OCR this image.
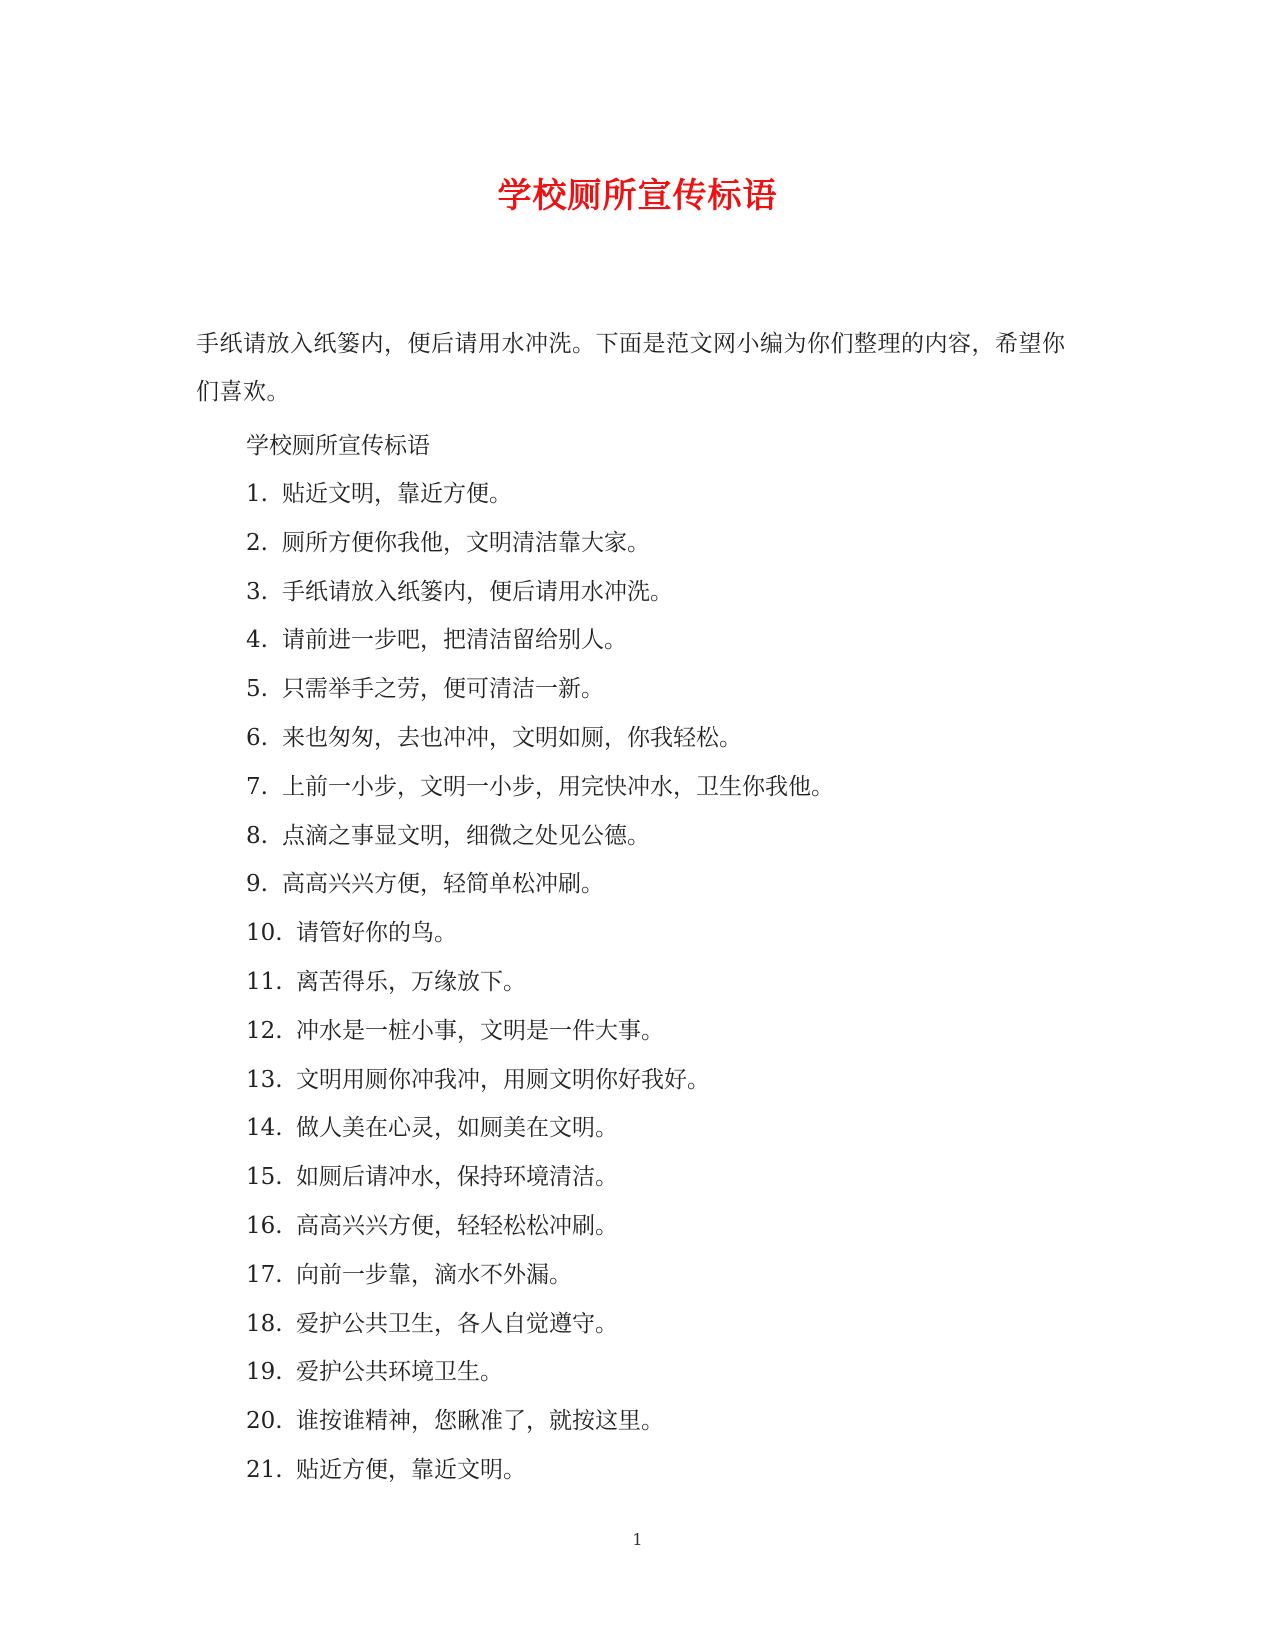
学校厕所宣传标语
手纸请放入纸篓内，便后请用水冲洗。下面是范文网小编为你们整理的内容，希望你们喜欢。
学校厕所宣传标语
1. 贴近文明，靠近方便。
2. 厕所方便你我他，文明清洁靠大家。
3. 手纸请放入纸篓内，便后请用水冲洗。
4. 请前进一步吧，把清洁留给别人。
5. 只需举手之劳，便可清洁一新。
6. 来也匆匆，去也冲冲，文明如厕，你我轻松。
7. 上前一小步，文明一小步，用完快冲水，卫生你我他。
8. 点滴之事显文明，细微之处见公德。
9. 高高兴兴方便，轻简单松冲刷。
10. 请管好你的鸟。
11. 离苦得乐，万缘放下。
12. 冲水是一桩小事，文明是一件大事。
13. 文明用厕你冲我冲，用厕文明你好我好。
14. 做人美在心灵，如厕美在文明。
15. 如厕后请冲水，保持环境清洁。
16. 高高兴兴方便，轻轻松松冲刷。
17. 向前一步靠，滴水不外漏。
18. 爱护公共卫生，各人自觉遵守。
19. 爱护公共环境卫生。
20. 谁按谁精神，您瞅准了，就按这里。
21. 贴近方便，靠近文明。
1
